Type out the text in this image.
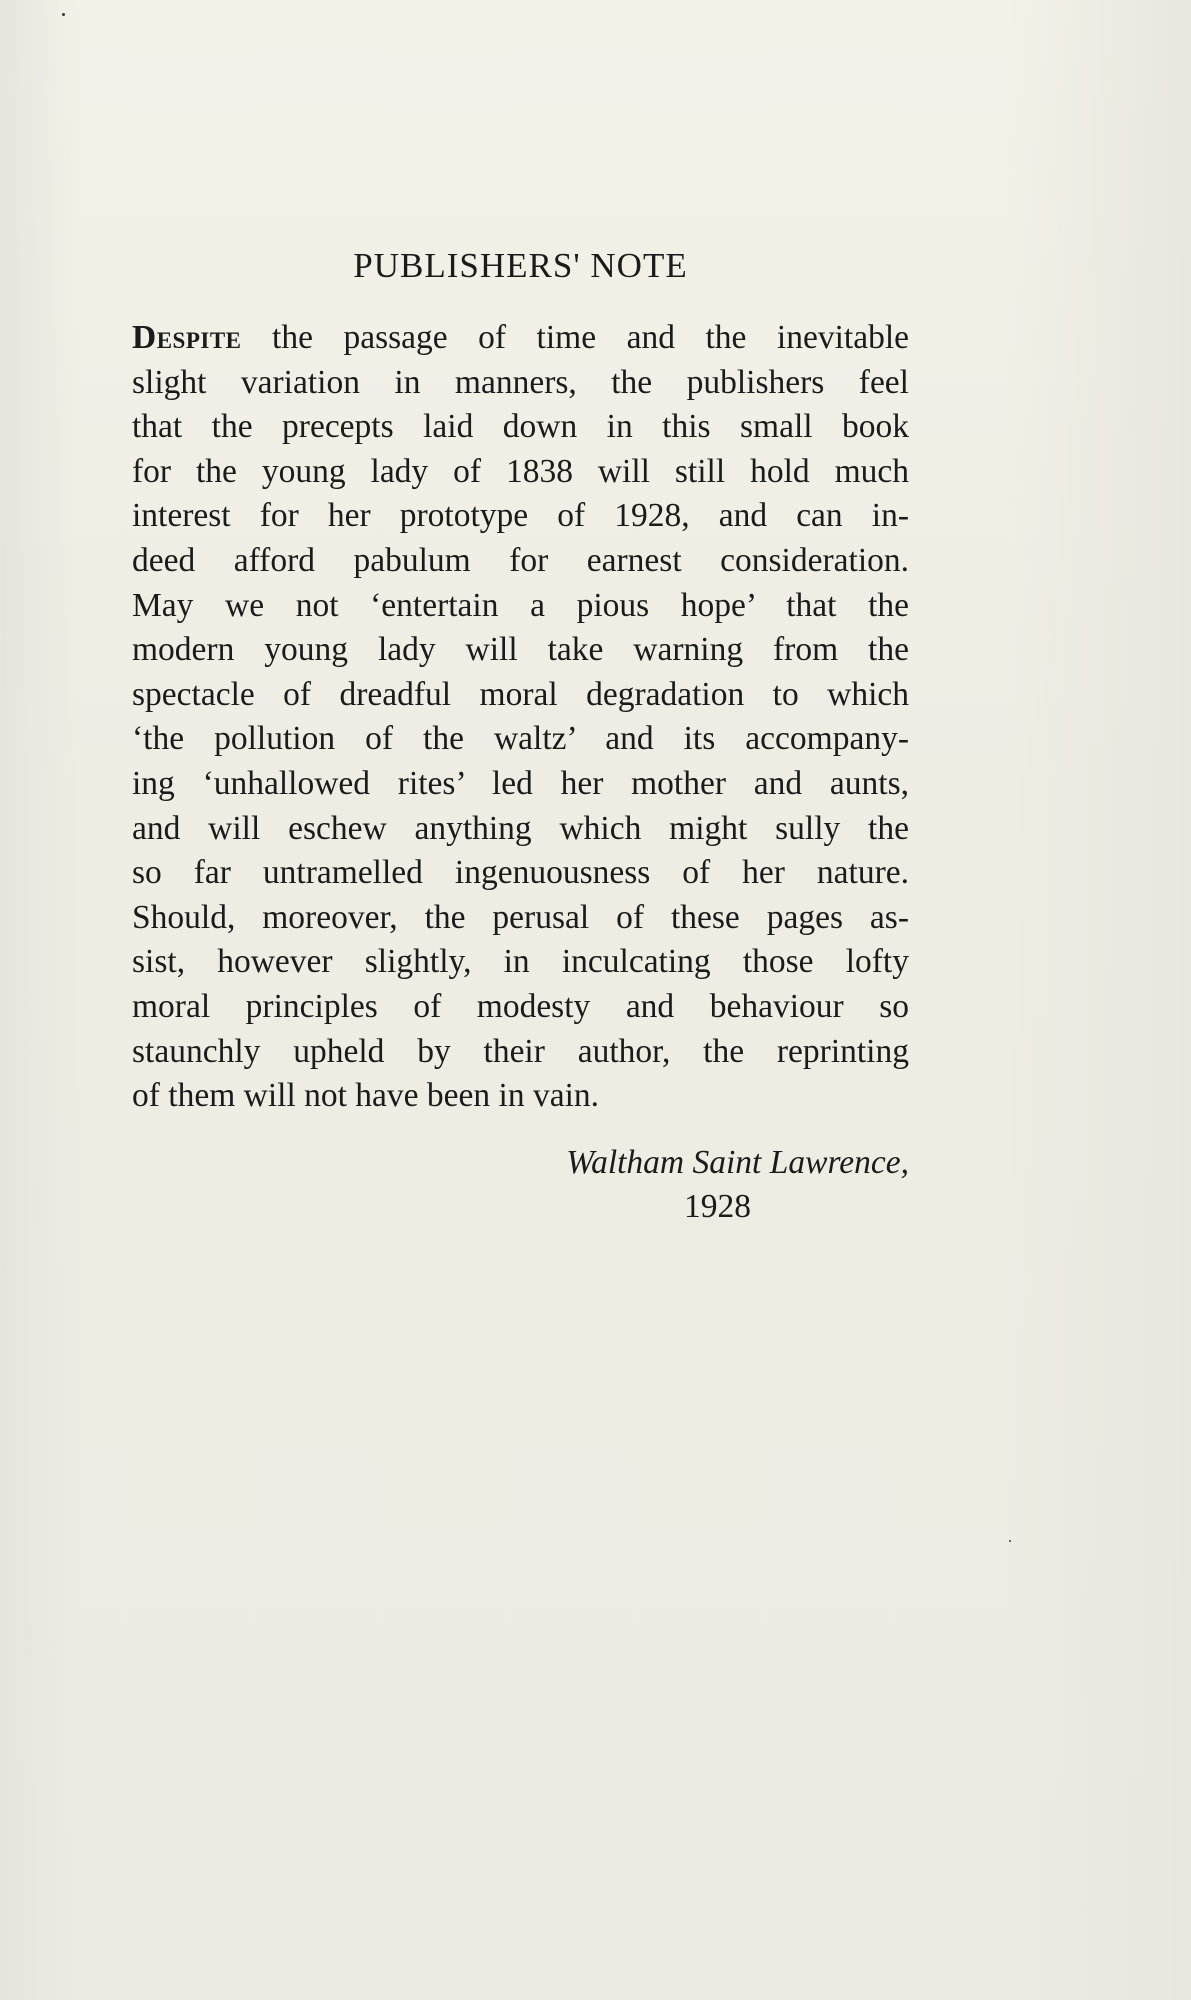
PUBLISHERS' NOTE
Despite the passage of time and the inevitable
slight variation in manners, the publishers feel
that the precepts laid down in this small book
for the young lady of 1838 will still hold much
interest for her prototype of 1928, and can in-
deed afford pabulum for earnest consideration.
May we not ‘entertain a pious hope’ that the
modern young lady will take warning from the
spectacle of dreadful moral degradation to which
‘the pollution of the waltz’ and its accompany-
ing ‘unhallowed rites’ led her mother and aunts,
and will eschew anything which might sully the
so far untramelled ingenuousness of her nature.
Should, moreover, the perusal of these pages as-
sist, however slightly, in inculcating those lofty
moral principles of modesty and behaviour so
staunchly upheld by their author, the reprinting
of them will not have been in vain.
Waltham Saint Lawrence,
1928
